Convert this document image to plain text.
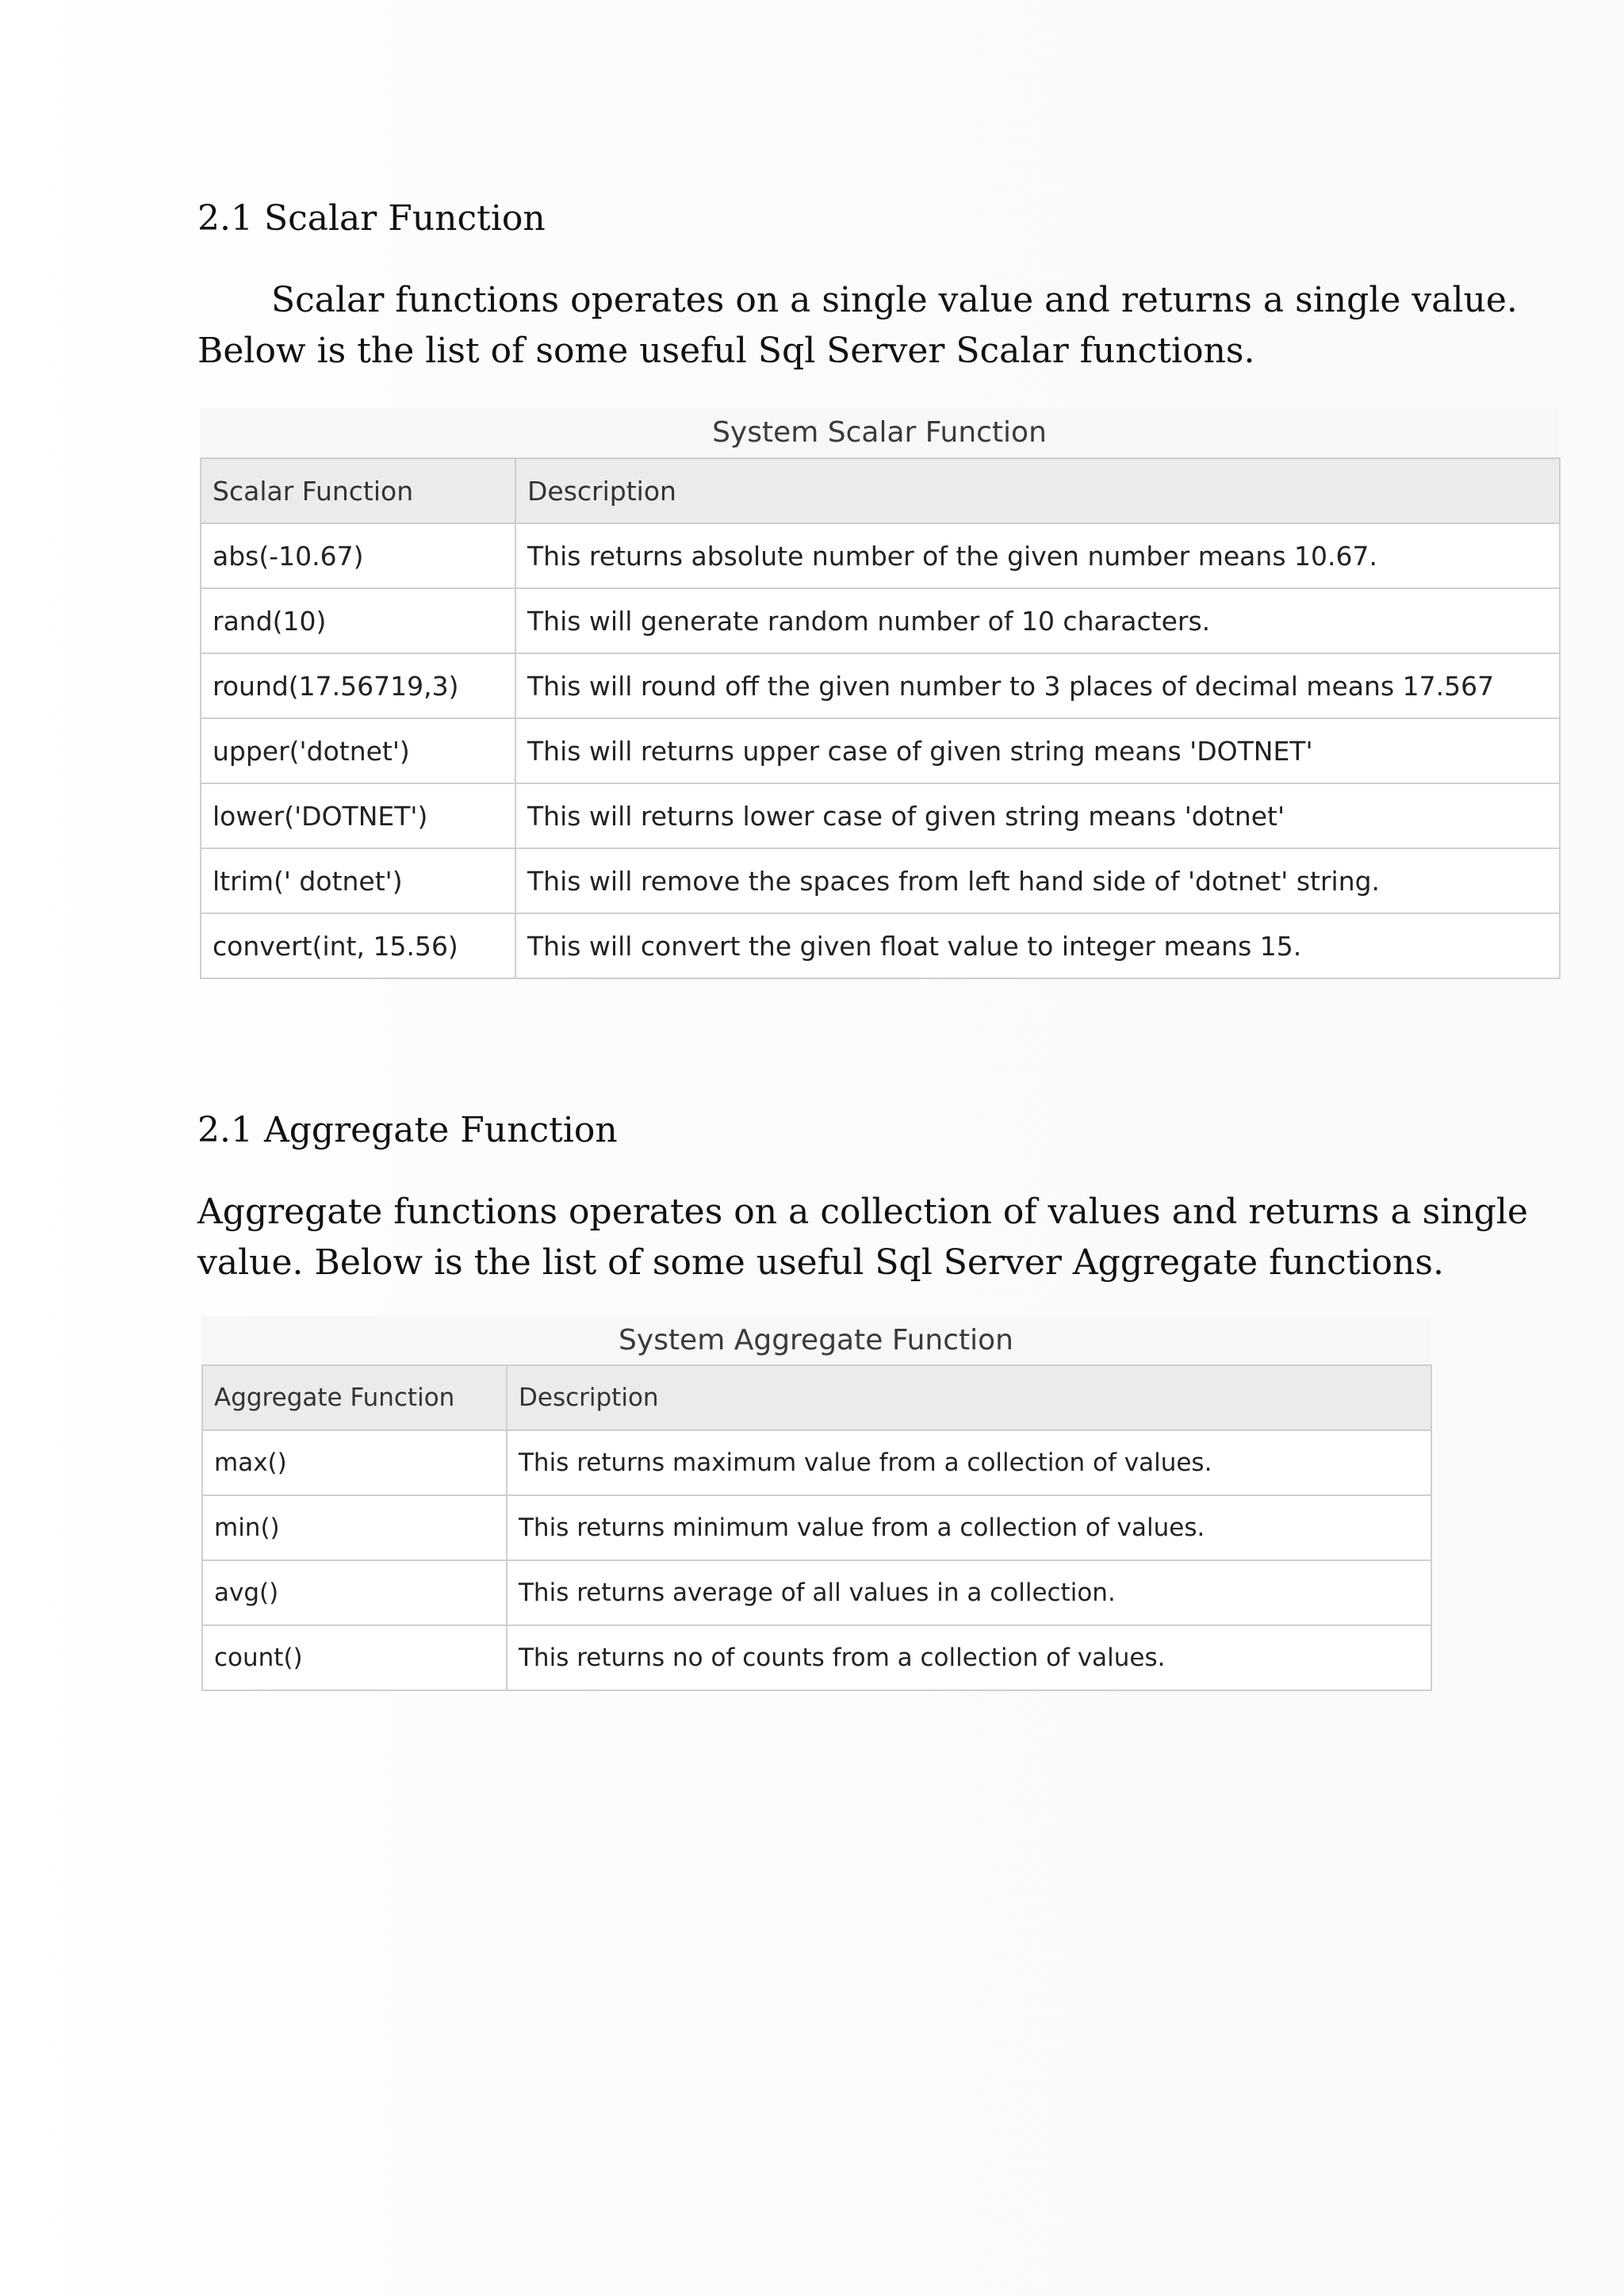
2.1 Scalar Function

Scalar functions operates on a single value and returns a single value.

Below is the list of some useful Sql Server Scalar functions.

System Scalar Function
Scalar Function	Description
abs(-10.67)	This returns absolute number of the given number means 10.67.
rand(10)	This will generate random number of 10 characters.
round(17.56719,3)	This will round off the given number to 3 places of decimal means 17.567
upper('dotnet')	This will returns upper case of given string means 'DOTNET'
lower('DOTNET')	This will returns lower case of given string means 'dotnet'
ltrim(' dotnet')	This will remove the spaces from left hand side of 'dotnet' string.
convert(int, 15.56)	This will convert the given float value to integer means 15.
2.1 Aggregate Function

Aggregate functions operates on a collection of values and returns a single

value. Below is the list of some useful Sql Server Aggregate functions.

System Aggregate Function
Aggregate Function	Description
max()	This returns maximum value from a collection of values.
min()	This returns minimum value from a collection of values.
avg()	This returns average of all values in a collection.
count()	This returns no of counts from a collection of values.
